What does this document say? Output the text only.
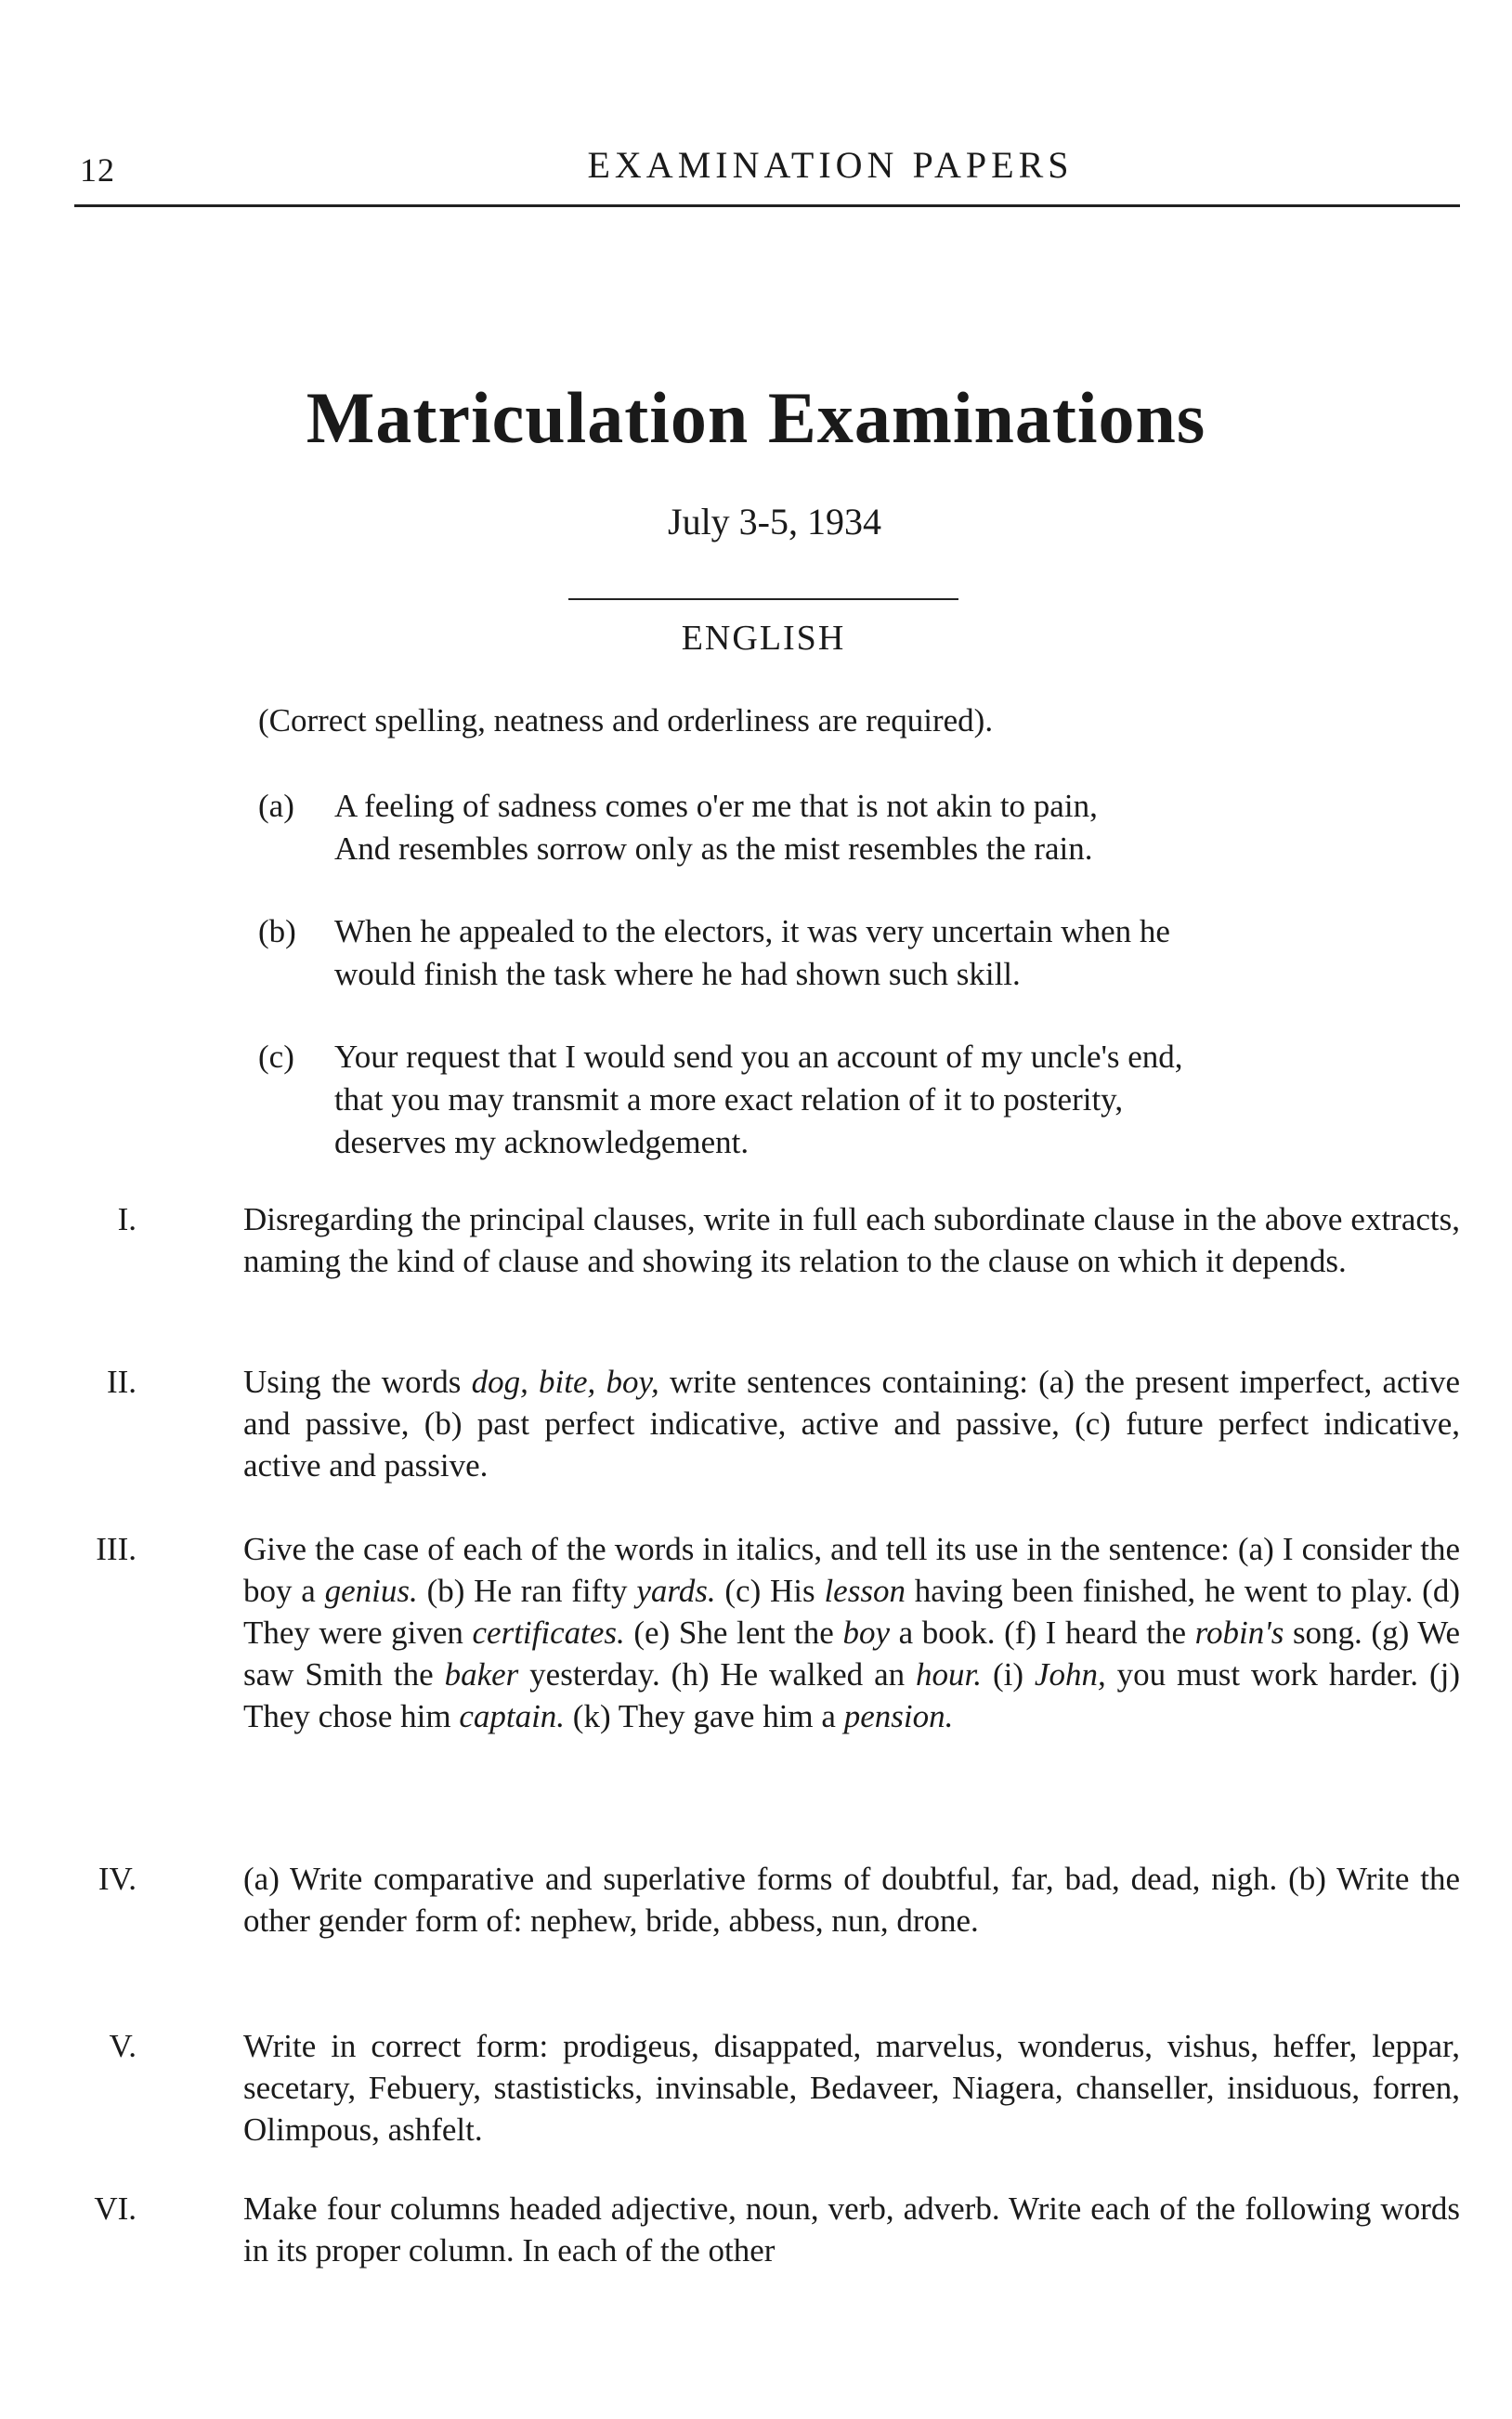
12	EXAMINATION PAPERS
Matriculation Examinations
July 3-5, 1934
ENGLISH
(Correct spelling, neatness and orderliness are required).
(a) A feeling of sadness comes o'er me that is not akin to pain,
And resembles sorrow only as the mist resembles the rain.
(b) When he appealed to the electors, it was very uncertain when he
would finish the task where he had shown such skill.
(c) Your request that I would send you an account of my uncle's end,
that you may transmit a more exact relation of it to posterity,
deserves my acknowledgement.
I.	Disregarding the principal clauses, write in full each subordinate clause in the above extracts, naming the kind of clause and showing its relation to the clause on which it depends.
II.	Using the words dog, bite, boy, write sentences containing: (a) the present imperfect, active and passive, (b) past perfect indicative, active and passive, (c) future perfect indicative, active and passive.
III.	Give the case of each of the words in italics, and tell its use in the sentence: (a) I consider the boy a genius. (b) He ran fifty yards. (c) His lesson having been finished, he went to play. (d) They were given certificates. (e) She lent the boy a book. (f) I heard the robin's song. (g) We saw Smith the baker yesterday. (h) He walked an hour. (i) John, you must work harder. (j) They chose him captain. (k) They gave him a pension.
IV.	(a) Write comparative and superlative forms of doubtful, far, bad, dead, nigh. (b) Write the other gender form of: nephew, bride, abbess, nun, drone.
V.	Write in correct form: prodigeus, disappated, marvelus, wonderus, vishus, heffer, leppar, secetary, Febuery, stastisticks, invinsable, Bedaveer, Niagera, chanseller, insiduous, forren, Olimpous, ashfelt.
VI.	Make four columns headed adjective, noun, verb, adverb. Write each of the following words in its proper column. In each of the other
